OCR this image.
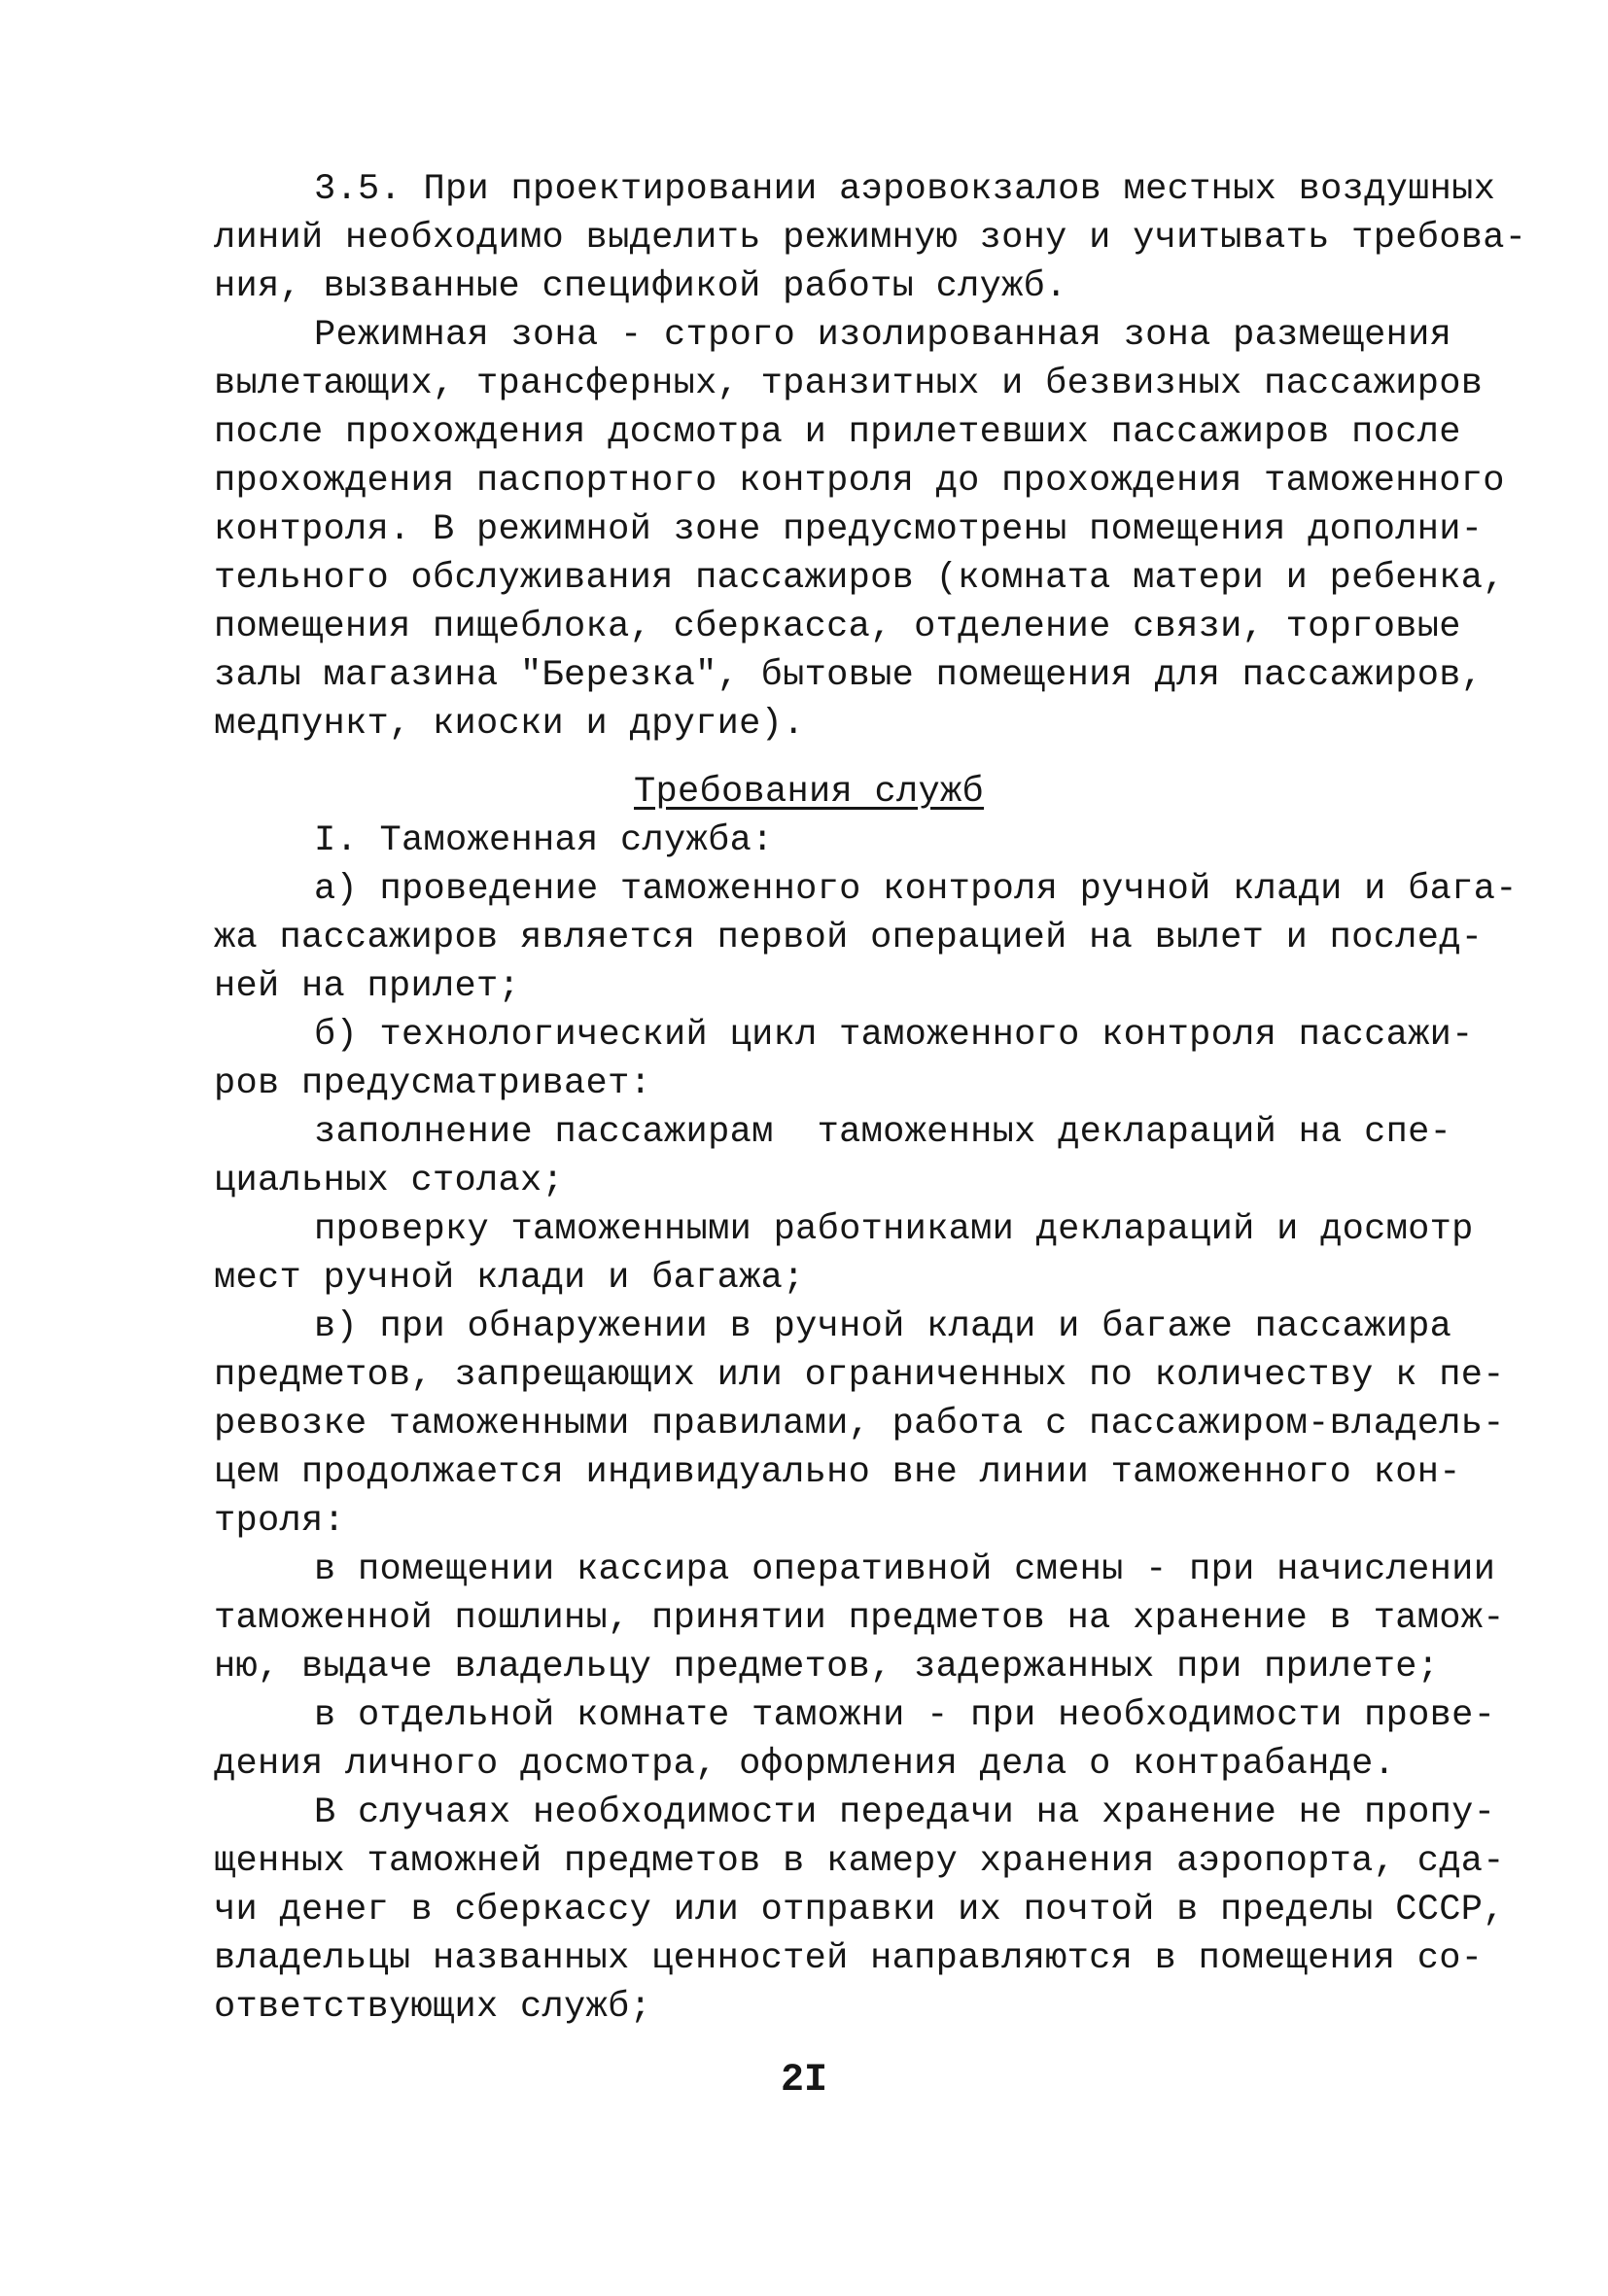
3.5. При проектировании аэровокзалов местных воздушных
линий необходимо выделить режимную зону и учитывать требова-
ния, вызванные спецификой работы служб.
Режимная зона - строго изолированная зона размещения
вылетающих, трансферных, транзитных и безвизных пассажиров
после прохождения досмотра и прилетевших пассажиров после
прохождения паспортного контроля до прохождения таможенного
контроля. В режимной зоне предусмотрены помещения дополни-
тельного обслуживания пассажиров (комната матери и ребенка,
помещения пищеблока, сберкасса, отделение связи, торговые
залы магазина "Березка", бытовые помещения для пассажиров,
медпункт, киоски и другие).
Требования служб
I. Таможенная служба:
а) проведение таможенного контроля ручной клади и бага-
жа пассажиров является первой операцией на вылет и послед-
ней на прилет;
б) технологический цикл таможенного контроля пассажи-
ров предусматривает:
заполнение пассажирам  таможенных деклараций на спе-
циальных столах;
проверку таможенными работниками деклараций и досмотр
мест ручной клади и багажа;
в) при обнаружении в ручной клади и багаже пассажира
предметов, запрещающих или ограниченных по количеству к пе-
ревозке таможенными правилами, работа с пассажиром-владель-
цем продолжается индивидуально вне линии таможенного кон-
троля:
в помещении кассира оперативной смены - при начислении
таможенной пошлины, принятии предметов на хранение в тамож-
ню, выдаче владельцу предметов, задержанных при прилете;
в отдельной комнате таможни - при необходимости прове-
дения личного досмотра, оформления дела о контрабанде.
В случаях необходимости передачи на хранение не пропу-
щенных таможней предметов в камеру хранения аэропорта, сда-
чи денег в сберкассу или отправки их почтой в пределы СССР,
владельцы названных ценностей направляются в помещения со-
ответствующих служб;
2I
